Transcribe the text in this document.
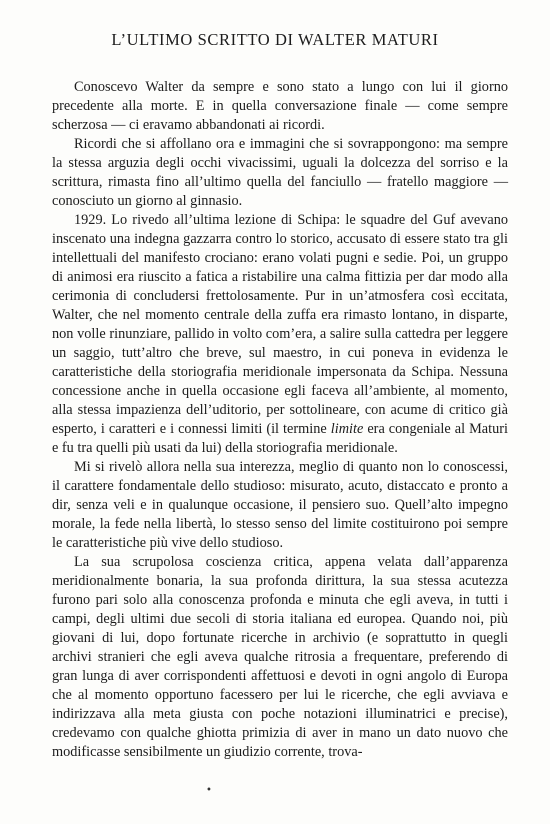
L’ULTIMO SCRITTO DI WALTER MATURI

Conoscevo Walter da sempre e sono stato a lungo con lui il giorno precedente alla morte. E in quella conversazione finale — come sempre scherzosa — ci eravamo abbandonati ai ricordi.

Ricordi che si affollano ora e immagini che si sovrappongono: ma sempre la stessa arguzia degli occhi vivacissimi, uguali la dolcezza del sorriso e la scrittura, rimasta fino all’ultimo quella del fanciullo — fratello maggiore — conosciuto un giorno al ginnasio.

1929. Lo rivedo all’ultima lezione di Schipa: le squadre del Guf avevano inscenato una indegna gazzarra contro lo storico, accusato di essere stato tra gli intellettuali del manifesto crociano: erano volati pugni e sedie. Poi, un gruppo di animosi era riuscito a fatica a ristabilire una calma fittizia per dar modo alla cerimonia di concludersi frettolosamente. Pur in un’atmosfera così eccitata, Walter, che nel momento centrale della zuffa era rimasto lontano, in disparte, non volle rinunziare, pallido in volto com’era, a salire sulla cattedra per leggere un saggio, tutt’altro che breve, sul maestro, in cui poneva in evidenza le caratteristiche della storiografia meridionale impersonata da Schipa. Nessuna concessione anche in quella occasione egli faceva all’ambiente, al momento, alla stessa impazienza dell’uditorio, per sottolineare, con acume di critico già esperto, i caratteri e i connessi limiti (il termine limite era congeniale al Maturi e fu tra quelli più usati da lui) della storiografia meridionale.

Mi si rivelò allora nella sua interezza, meglio di quanto non lo conoscessi, il carattere fondamentale dello studioso: misurato, acuto, distaccato e pronto a dir, senza veli e in qualunque occasione, il pensiero suo. Quell’alto impegno morale, la fede nella libertà, lo stesso senso del limite costituirono poi sempre le caratteristiche più vive dello studioso.

La sua scrupolosa coscienza critica, appena velata dall’apparenza meridionalmente bonaria, la sua profonda dirittura, la sua stessa acutezza furono pari solo alla conoscenza profonda e minuta che egli aveva, in tutti i campi, degli ultimi due secoli di storia italiana ed europea. Quando noi, più giovani di lui, dopo fortunate ricerche in archivio (e soprattutto in quegli archivi stranieri che egli aveva qualche ritrosia a frequentare, preferendo di gran lunga di aver corrispondenti affettuosi e devoti in ogni angolo di Europa che al momento opportuno facessero per lui le ricerche, che egli avviava e indirizzava alla meta giusta con poche notazioni illuminatrici e precise), credevamo con qualche ghiotta primizia di aver in mano un dato nuovo che modificasse sensibilmente un giudizio corrente, trova-

•
